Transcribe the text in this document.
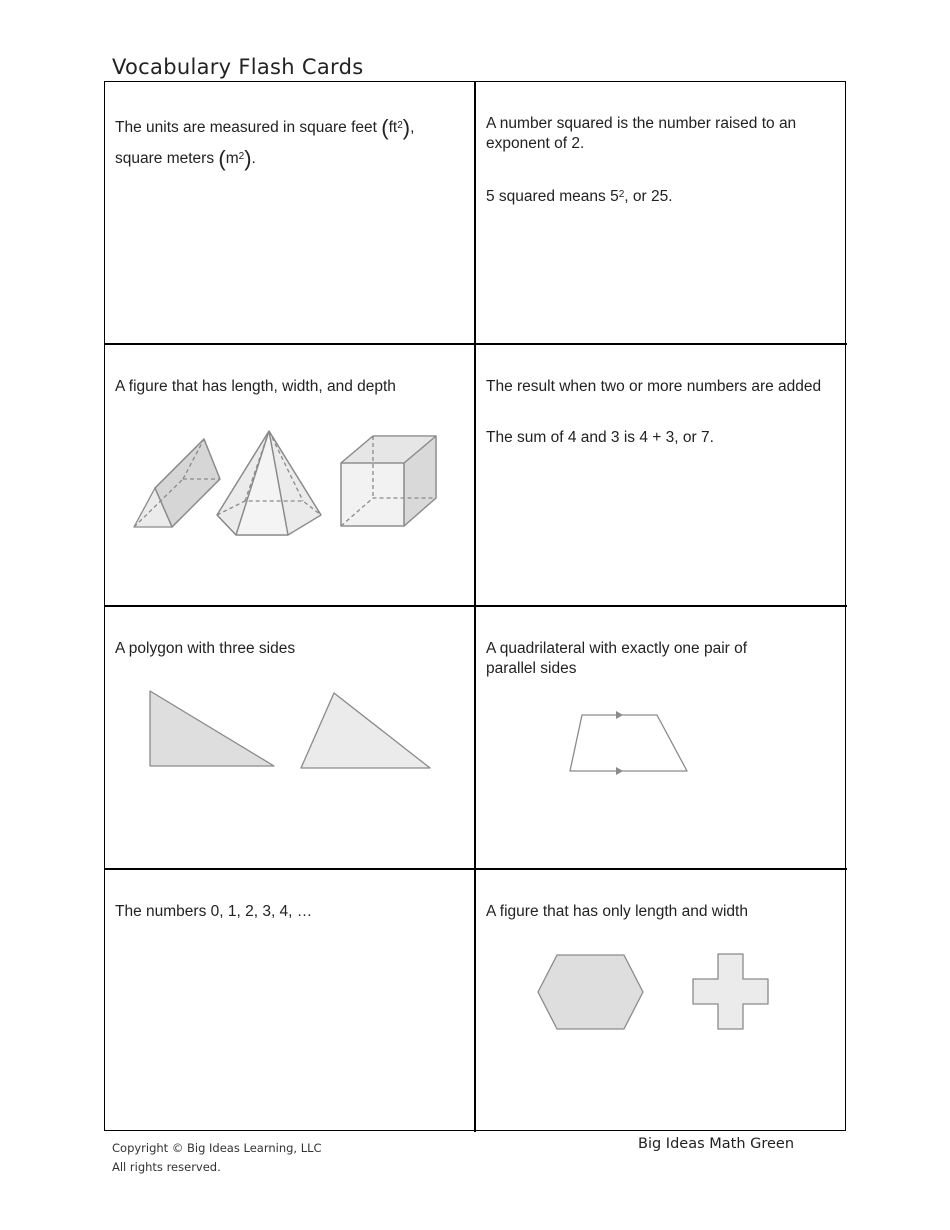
Vocabulary Flash Cards
The units are measured in square feet $(ft^2)$,
square meters $(m^2)$.
A number squared is the number raised to an exponent of 2.
5 squared means $5^2$, or 25.
A figure that has length, width, and depth	The result when two or more numbers are added
The sum of 4 and 3 is 4 + 3, or 7.
A polygon with three sides	A quadrilateral with exactly one pair of parallel sides
The numbers 0, 1, 2, 3, 4, …	A figure that has only length and width
Copyright © Big Ideas Learning, LLC
All rights reserved.
Big Ideas Math Green
